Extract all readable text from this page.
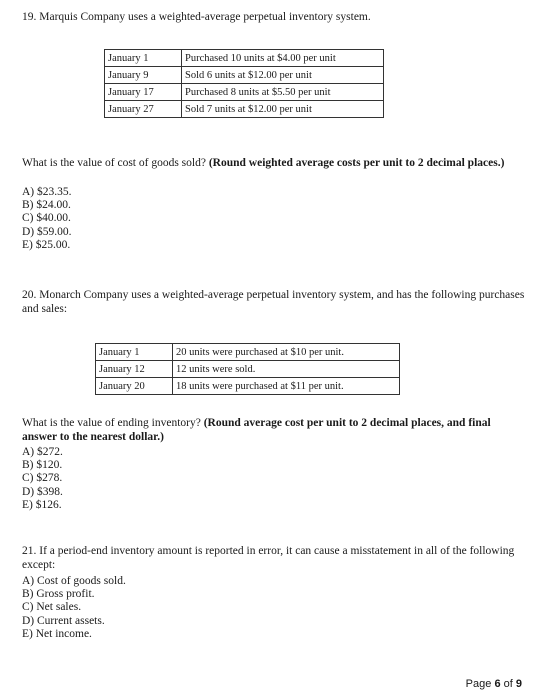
19. Marquis Company uses a weighted-average perpetual inventory system.
January 1	Purchased 10 units at $4.00 per unit
January 9	Sold 6 units at $12.00 per unit
January 17	Purchased 8 units at $5.50 per unit
January 27	Sold 7 units at $12.00 per unit
What is the value of cost of goods sold? (Round weighted average costs per unit to 2 decimal places.)
A) $23.35.
B) $24.00.
C) $40.00.
D) $59.00.
E) $25.00.
20. Monarch Company uses a weighted-average perpetual inventory system, and has the following purchases and sales:
January 1	20 units were purchased at $10 per unit.
January 12	12 units were sold.
January 20	18 units were purchased at $11 per unit.
What is the value of ending inventory? (Round average cost per unit to 2 decimal places, and final answer to the nearest dollar.)
A) $272.
B) $120.
C) $278.
D) $398.
E) $126.
21. If a period-end inventory amount is reported in error, it can cause a misstatement in all of the following except:
A) Cost of goods sold.
B) Gross profit.
C) Net sales.
D) Current assets.
E) Net income.
Page 6 of 9
